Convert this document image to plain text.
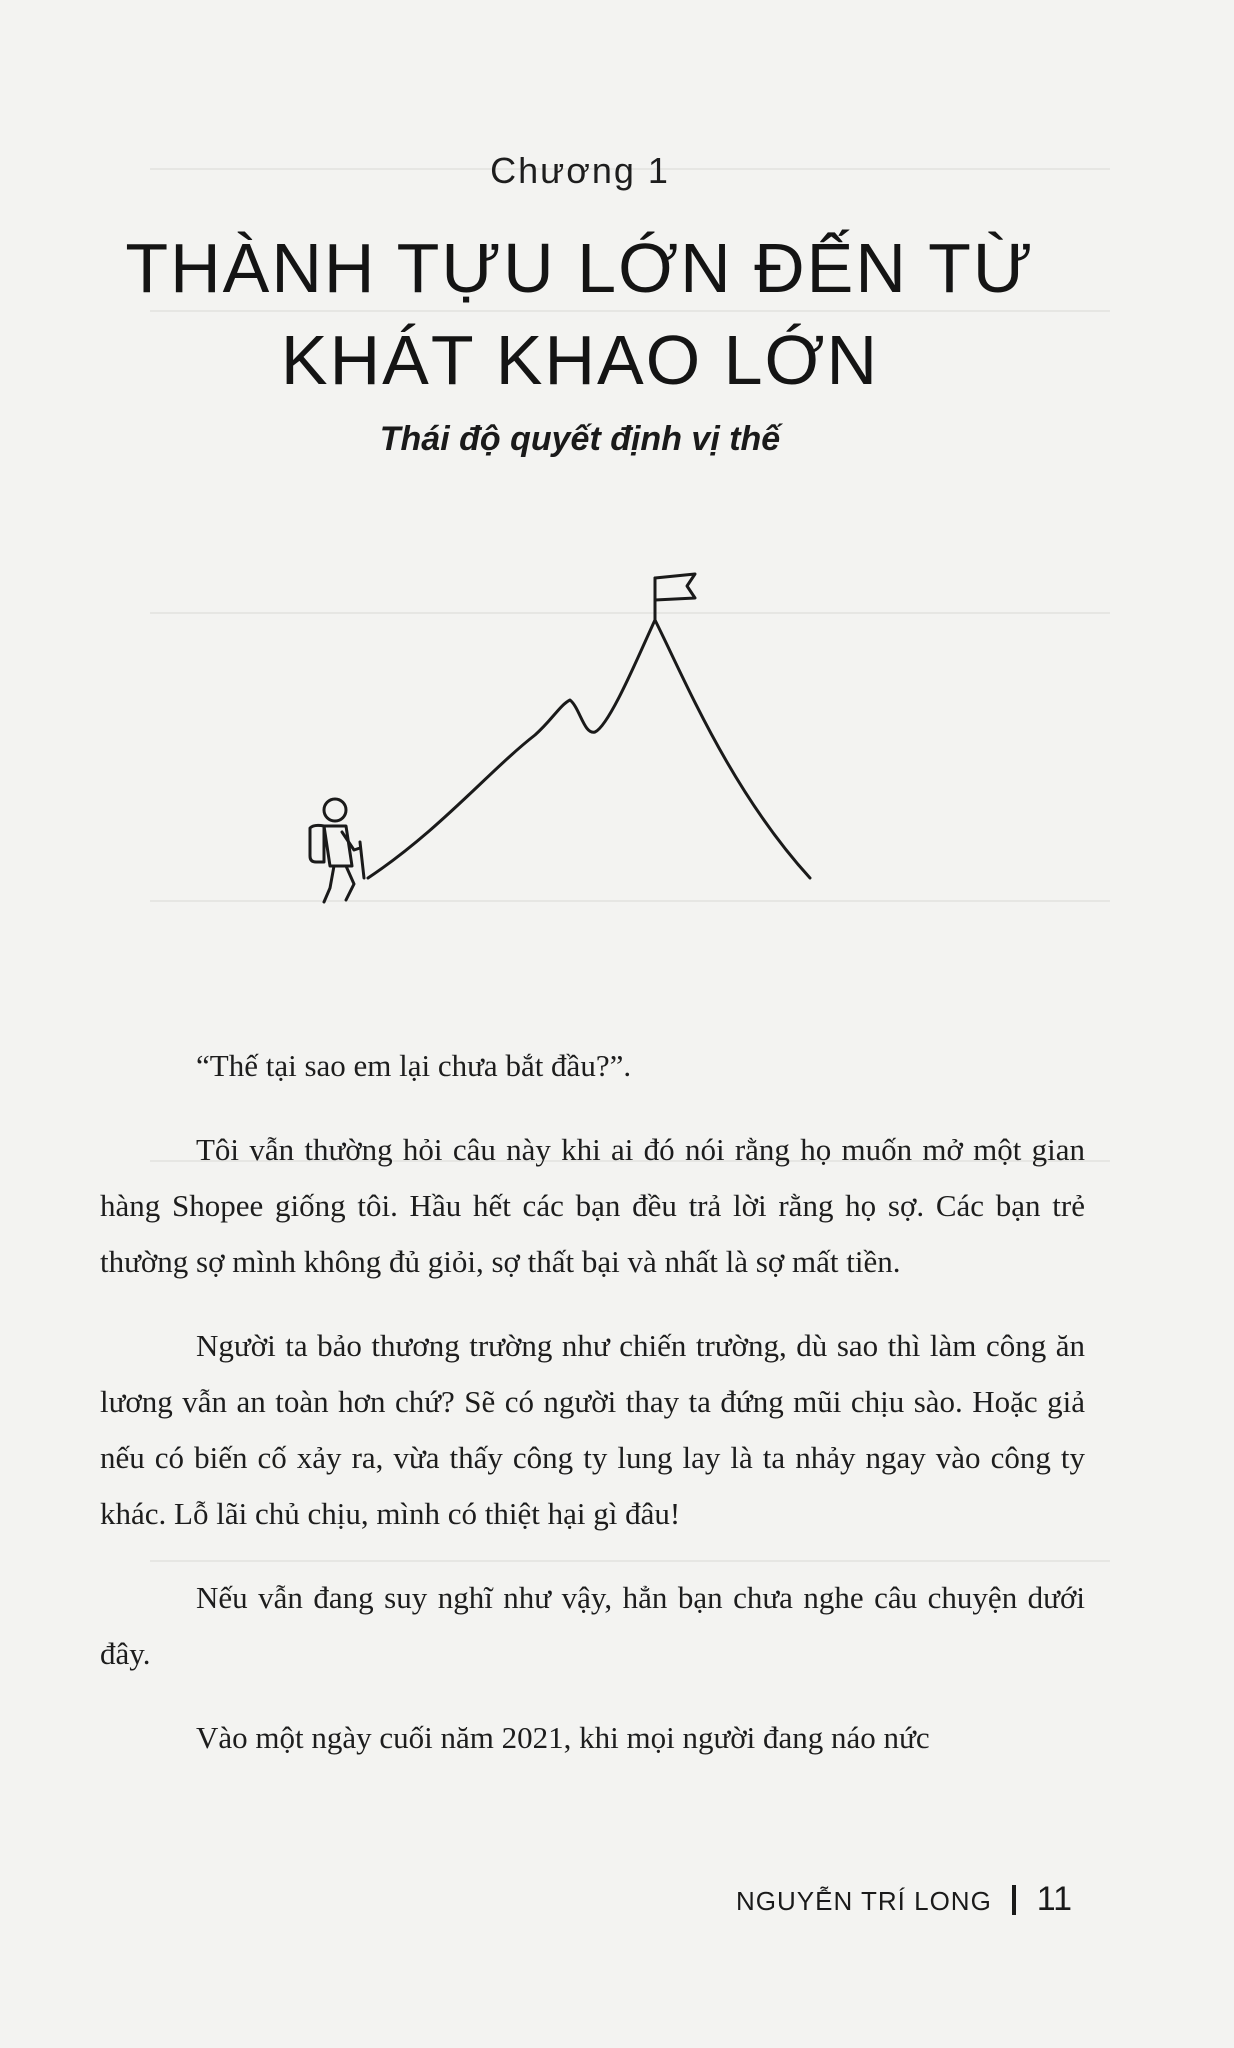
Chương 1
THÀNH TỰU LỚN ĐẾN TỪ
KHÁT KHAO LỚN
Thái độ quyết định vị thế

“Thế tại sao em lại chưa bắt đầu?”.

Tôi vẫn thường hỏi câu này khi ai đó nói rằng họ muốn mở một gian hàng Shopee giống tôi. Hầu hết các bạn đều trả lời rằng họ sợ. Các bạn trẻ thường sợ mình không đủ giỏi, sợ thất bại và nhất là sợ mất tiền.

Người ta bảo thương trường như chiến trường, dù sao thì làm công ăn lương vẫn an toàn hơn chứ? Sẽ có người thay ta đứng mũi chịu sào. Hoặc giả nếu có biến cố xảy ra, vừa thấy công ty lung lay là ta nhảy ngay vào công ty khác. Lỗ lãi chủ chịu, mình có thiệt hại gì đâu!

Nếu vẫn đang suy nghĩ như vậy, hẳn bạn chưa nghe câu chuyện dưới đây.

Vào một ngày cuối năm 2021, khi mọi người đang náo nức

NGUYỄN TRÍ LONG 11
